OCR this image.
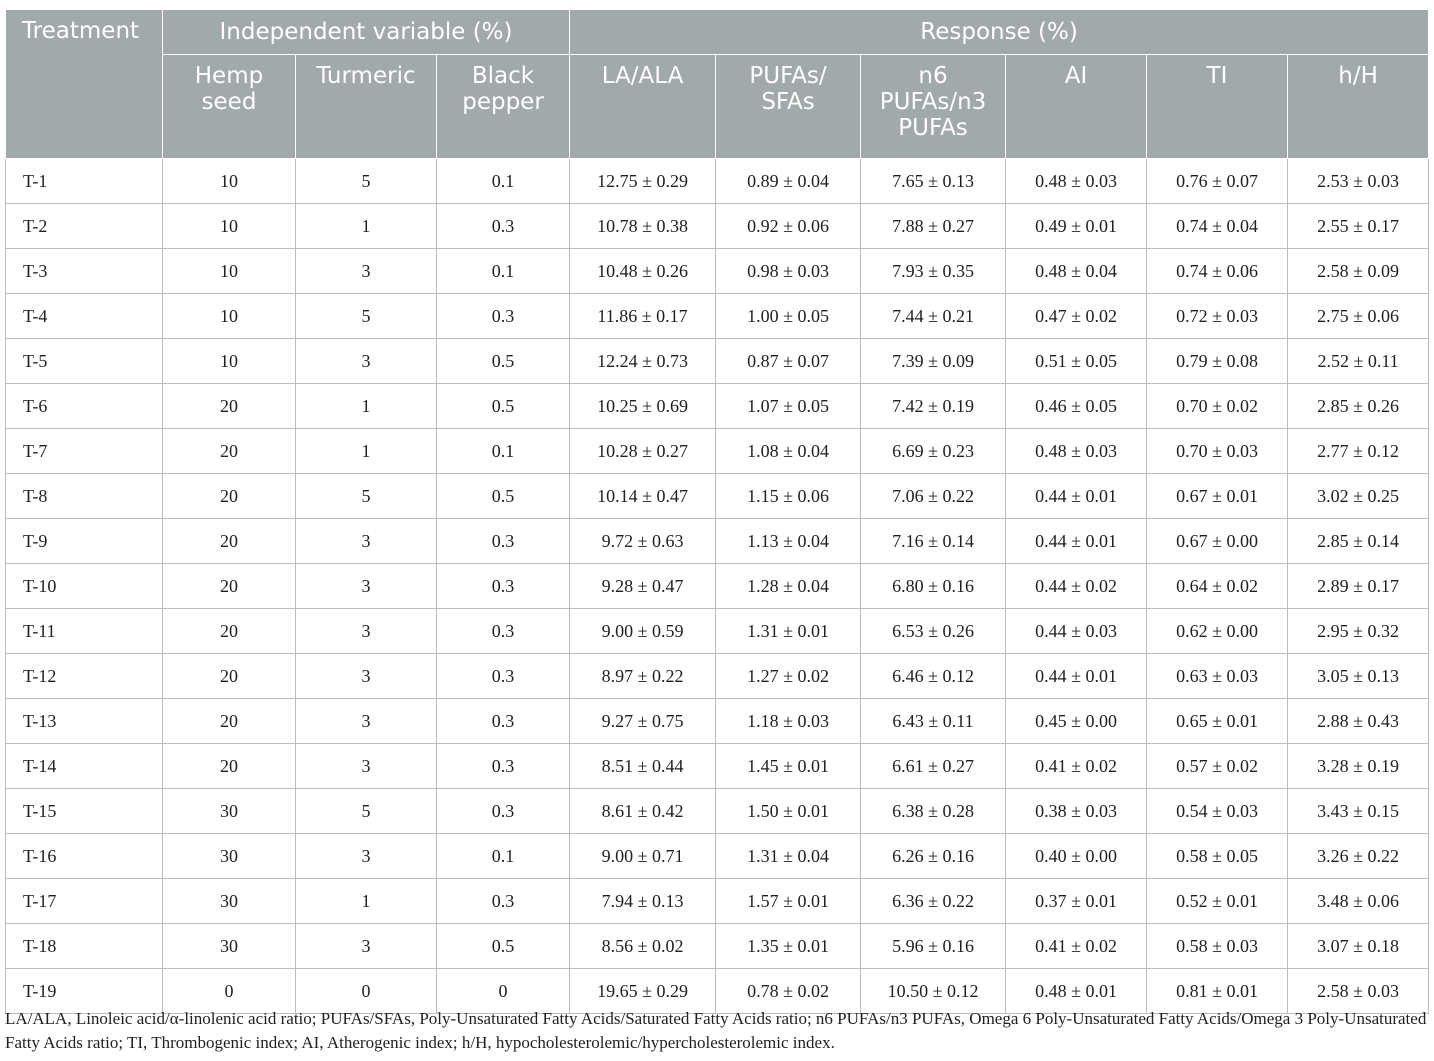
Treatment	Independent variable (%)			Response (%)					
	Hemp seed	Turmeric	Black pepper	LA/ALA	PUFAs/ SFAs	n6 PUFAs/n3 PUFAs	AI	TI	h/H
T-1	10	5	0.1	12.75 ± 0.29	0.89 ± 0.04	7.65 ± 0.13	0.48 ± 0.03	0.76 ± 0.07	2.53 ± 0.03
T-2	10	1	0.3	10.78 ± 0.38	0.92 ± 0.06	7.88 ± 0.27	0.49 ± 0.01	0.74 ± 0.04	2.55 ± 0.17
T-3	10	3	0.1	10.48 ± 0.26	0.98 ± 0.03	7.93 ± 0.35	0.48 ± 0.04	0.74 ± 0.06	2.58 ± 0.09
T-4	10	5	0.3	11.86 ± 0.17	1.00 ± 0.05	7.44 ± 0.21	0.47 ± 0.02	0.72 ± 0.03	2.75 ± 0.06
T-5	10	3	0.5	12.24 ± 0.73	0.87 ± 0.07	7.39 ± 0.09	0.51 ± 0.05	0.79 ± 0.08	2.52 ± 0.11
T-6	20	1	0.5	10.25 ± 0.69	1.07 ± 0.05	7.42 ± 0.19	0.46 ± 0.05	0.70 ± 0.02	2.85 ± 0.26
T-7	20	1	0.1	10.28 ± 0.27	1.08 ± 0.04	6.69 ± 0.23	0.48 ± 0.03	0.70 ± 0.03	2.77 ± 0.12
T-8	20	5	0.5	10.14 ± 0.47	1.15 ± 0.06	7.06 ± 0.22	0.44 ± 0.01	0.67 ± 0.01	3.02 ± 0.25
T-9	20	3	0.3	9.72 ± 0.63	1.13 ± 0.04	7.16 ± 0.14	0.44 ± 0.01	0.67 ± 0.00	2.85 ± 0.14
T-10	20	3	0.3	9.28 ± 0.47	1.28 ± 0.04	6.80 ± 0.16	0.44 ± 0.02	0.64 ± 0.02	2.89 ± 0.17
T-11	20	3	0.3	9.00 ± 0.59	1.31 ± 0.01	6.53 ± 0.26	0.44 ± 0.03	0.62 ± 0.00	2.95 ± 0.32
T-12	20	3	0.3	8.97 ± 0.22	1.27 ± 0.02	6.46 ± 0.12	0.44 ± 0.01	0.63 ± 0.03	3.05 ± 0.13
T-13	20	3	0.3	9.27 ± 0.75	1.18 ± 0.03	6.43 ± 0.11	0.45 ± 0.00	0.65 ± 0.01	2.88 ± 0.43
T-14	20	3	0.3	8.51 ± 0.44	1.45 ± 0.01	6.61 ± 0.27	0.41 ± 0.02	0.57 ± 0.02	3.28 ± 0.19
T-15	30	5	0.3	8.61 ± 0.42	1.50 ± 0.01	6.38 ± 0.28	0.38 ± 0.03	0.54 ± 0.03	3.43 ± 0.15
T-16	30	3	0.1	9.00 ± 0.71	1.31 ± 0.04	6.26 ± 0.16	0.40 ± 0.00	0.58 ± 0.05	3.26 ± 0.22
T-17	30	1	0.3	7.94 ± 0.13	1.57 ± 0.01	6.36 ± 0.22	0.37 ± 0.01	0.52 ± 0.01	3.48 ± 0.06
T-18	30	3	0.5	8.56 ± 0.02	1.35 ± 0.01	5.96 ± 0.16	0.41 ± 0.02	0.58 ± 0.03	3.07 ± 0.18
T-19	0	0	0	19.65 ± 0.29	0.78 ± 0.02	10.50 ± 0.12	0.48 ± 0.01	0.81 ± 0.01	2.58 ± 0.03
LA/ALA, Linoleic acid/α-linolenic acid ratio; PUFAs/SFAs, Poly-Unsaturated Fatty Acids/Saturated Fatty Acids ratio; n6 PUFAs/n3 PUFAs, Omega 6 Poly-Unsaturated Fatty Acids/Omega 3 Poly-Unsaturated Fatty Acids ratio; TI, Thrombogenic index; AI, Atherogenic index; h/H, hypocholesterolemic/hypercholesterolemic index.
